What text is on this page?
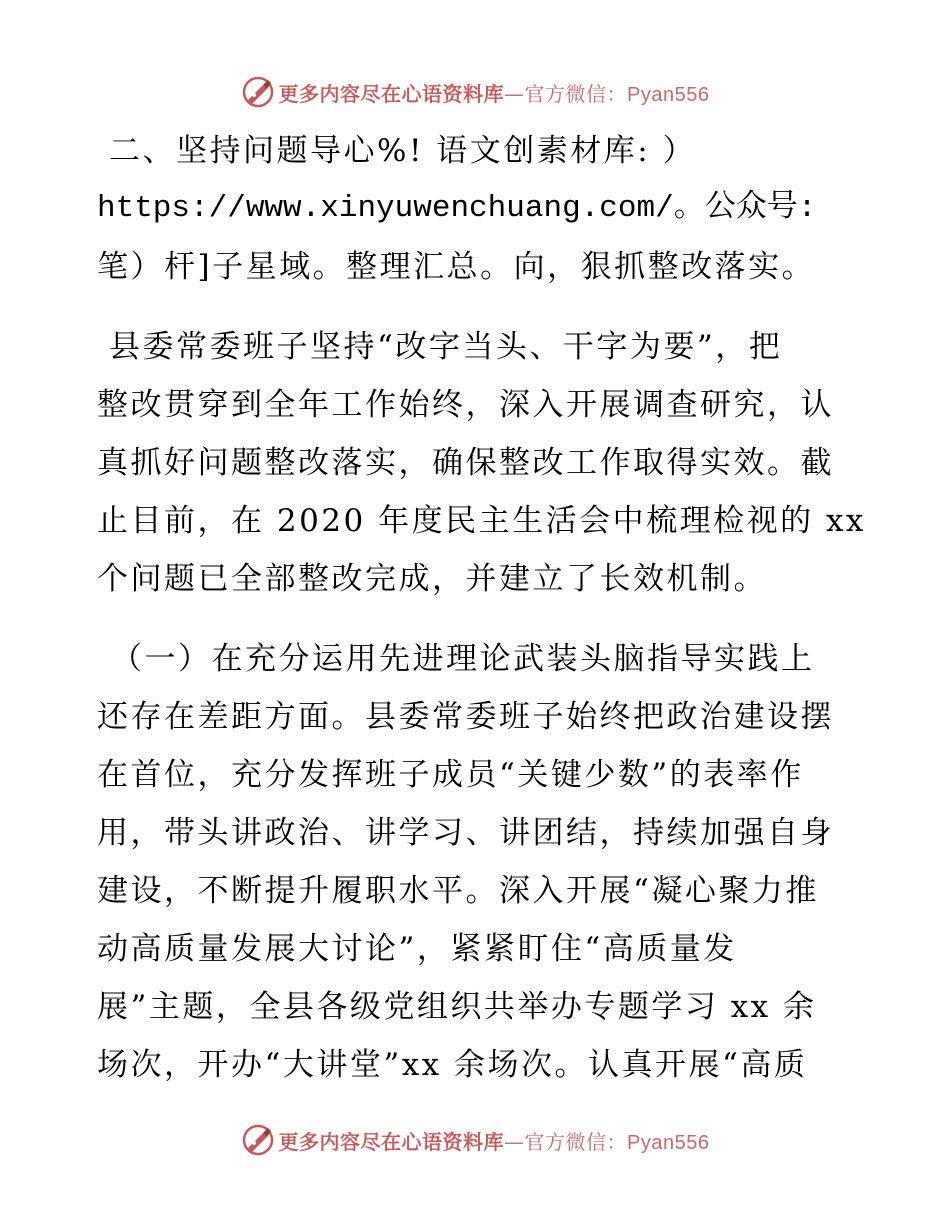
更多内容尽在心语资料库—官方微信：Pyan556
二、坚持问题导心%! 语文创素材库: ）
https://www.xinyuwenchuang.com/。公众号:
笔）杆]子星域。整理汇总。向，狠抓整改落实。
县委常委班子坚持“改字当头、干字为要”，把
整改贯穿到全年工作始终，深入开展调查研究，认
真抓好问题整改落实，确保整改工作取得实效。截
止目前，在 2020 年度民主生活会中梳理检视的 xx
个问题已全部整改完成，并建立了长效机制。
（一）在充分运用先进理论武装头脑指导实践上
还存在差距方面。县委常委班子始终把政治建设摆
在首位，充分发挥班子成员“关键少数”的表率作
用，带头讲政治、讲学习、讲团结，持续加强自身
建设，不断提升履职水平。深入开展“凝心聚力推
动高质量发展大讨论”，紧紧盯住“高质量发
展”主题，全县各级党组织共举办专题学习 xx 余
场次，开办“大讲堂”xx 余场次。认真开展“高质
更多内容尽在心语资料库—官方微信：Pyan556
